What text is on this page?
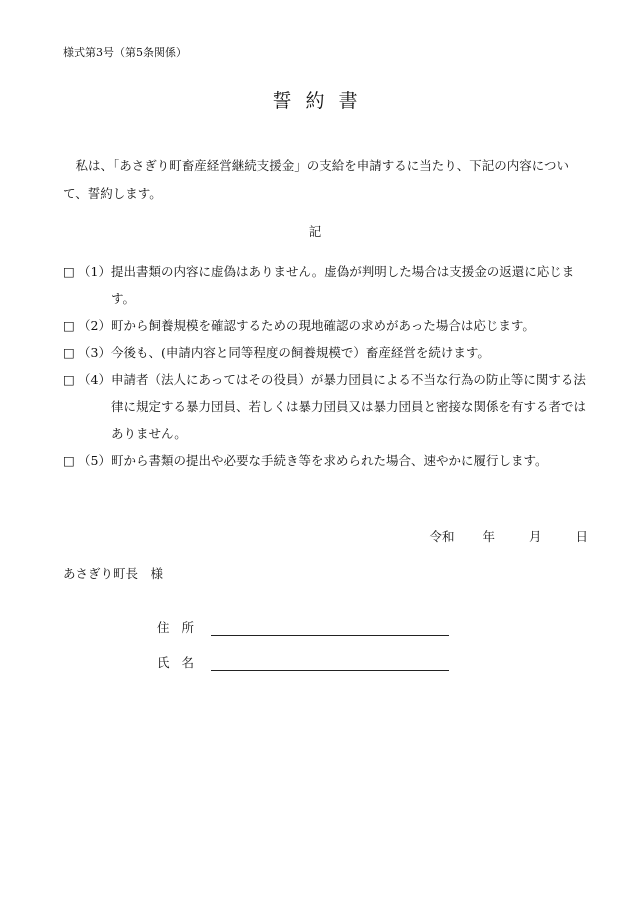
様式第3号（第5条関係）
誓約書
私は、「あさぎり町畜産経営継続支援金」の支給を申請するに当たり、下記の内容について、誓約します。
記
□ （1） 提出書類の内容に虚偽はありません。虚偽が判明した場合は支援金の返還に応じます。
□ （2） 町から飼養規模を確認するための現地確認の求めがあった場合は応じます。
□ （3） 今後も、(申請内容と同等程度の飼養規模で）畜産経営を続けます。
□ （4） 申請者（法人にあってはその役員）が暴力団員による不当な行為の防止等に関する法律に規定する暴力団員、若しくは暴力団員又は暴力団員と密接な関係を有する者ではありません。
□ （5） 町から書類の提出や必要な手続き等を求められた場合、速やかに履行します。
令和 年	月	日
あさぎり町長　様
住所
氏名
